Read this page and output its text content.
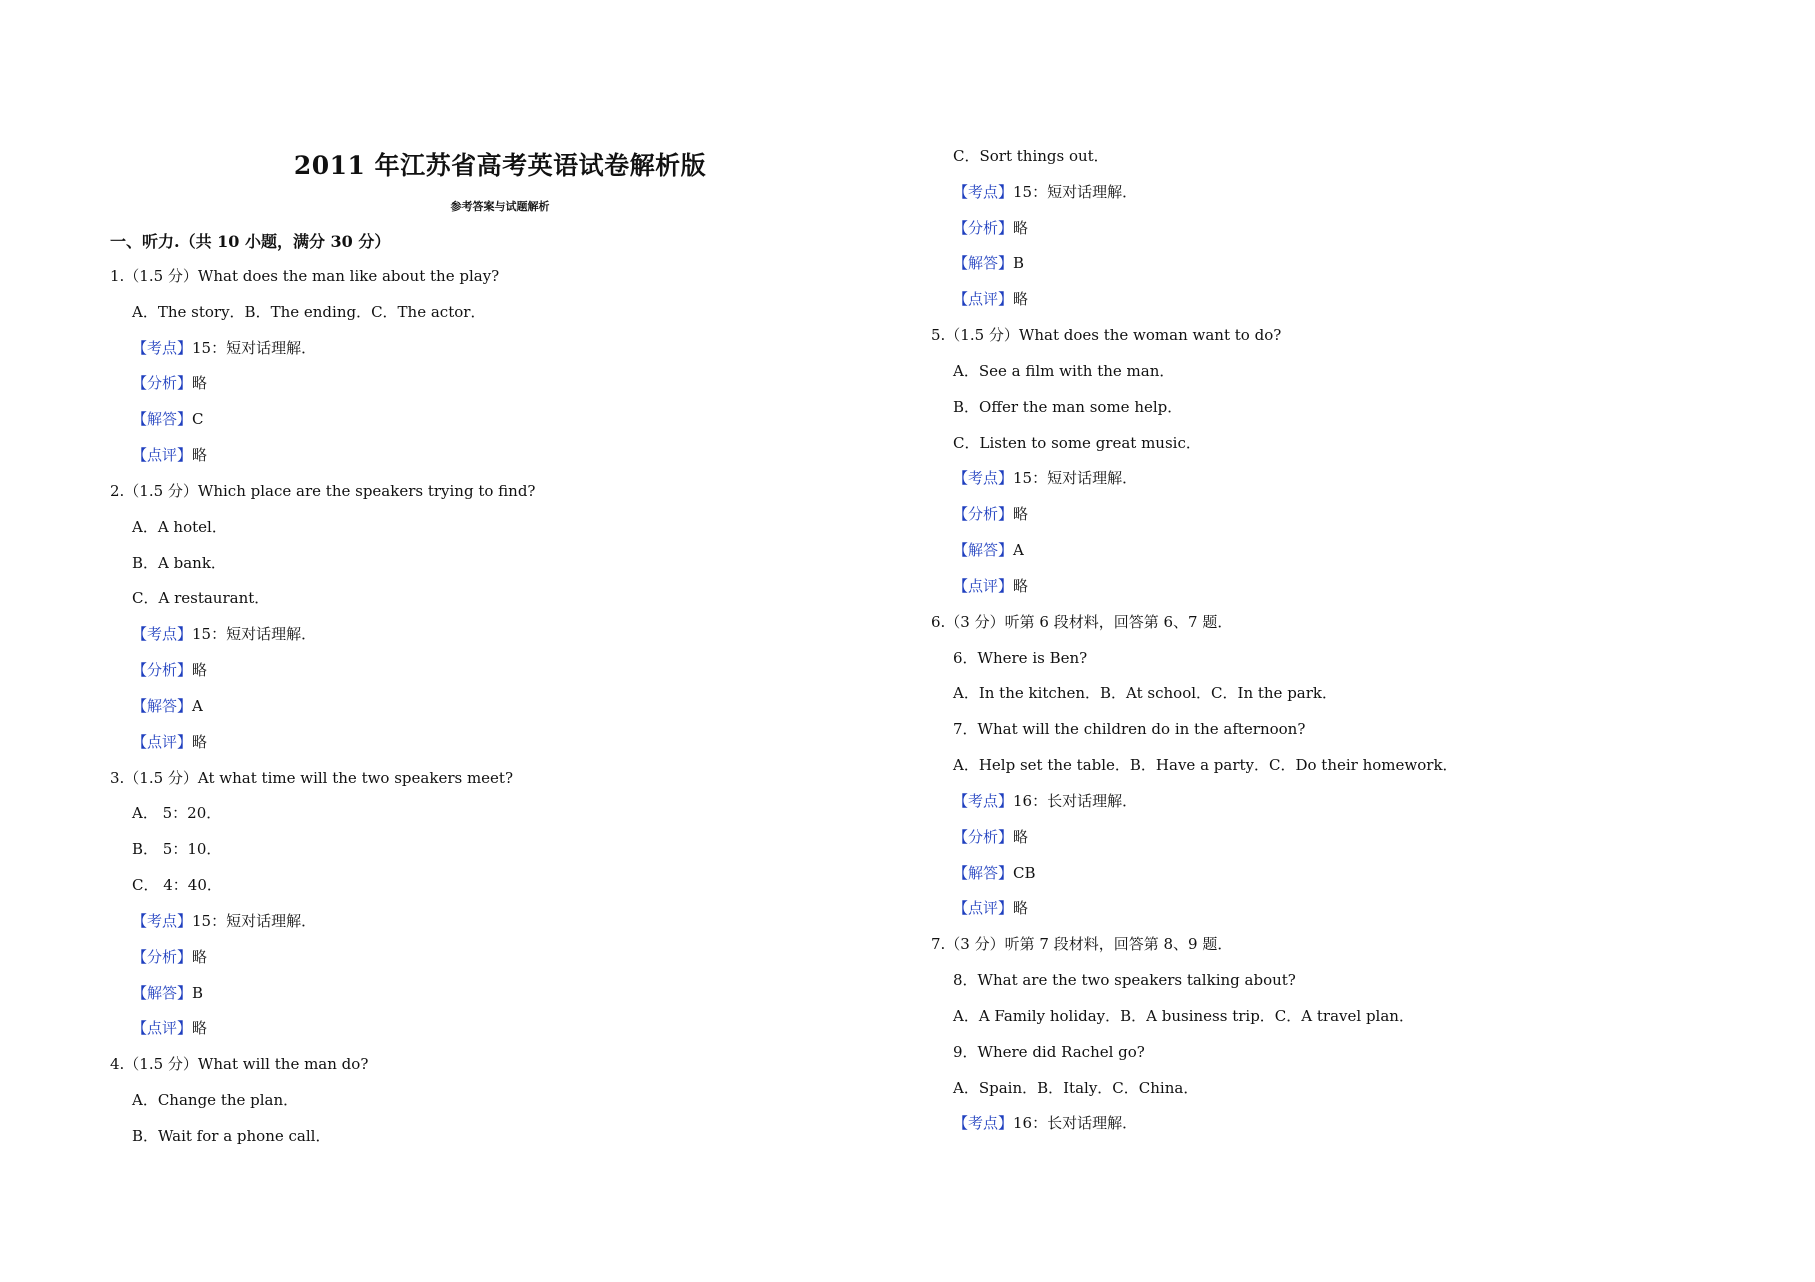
2011 年江苏省高考英语试卷解析版
参考答案与试题解析
一、听力.（共 10 小题，满分 30 分）
1.（1.5 分）What does the man like about the play?
A．The story．B．The ending．C．The actor．
【考点】15：短对话理解．
【分析】略
【解答】C
【点评】略
2.（1.5 分）Which place are the speakers trying to find?
A．A hotel．
B．A bank．
C．A restaurant．
【考点】15：短对话理解．
【分析】略
【解答】A
【点评】略
3.（1.5 分）At what time will the two speakers meet?
A． 5：20．
B． 5：10．
C． 4：40．
【考点】15：短对话理解．
【分析】略
【解答】B
【点评】略
4.（1.5 分）What will the man do?
A．Change the plan．
B．Wait for a phone call．
C．Sort things out．
【考点】15：短对话理解．
【分析】略
【解答】B
【点评】略
5.（1.5 分）What does the woman want to do?
A．See a film with the man．
B．Offer the man some help．
C．Listen to some great music．
【考点】15：短对话理解．
【分析】略
【解答】A
【点评】略
6.（3 分）听第 6 段材料，回答第 6、7 题．
6．Where is Ben?
A．In the kitchen．B．At school．C．In the park．
7．What will the children do in the afternoon?
A．Help set the table．B．Have a party．C．Do their homework．
【考点】16：长对话理解．
【分析】略
【解答】CB
【点评】略
7.（3 分）听第 7 段材料，回答第 8、9 题．
8．What are the two speakers talking about?
A．A Family holiday．B．A business trip．C．A travel plan．
9．Where did Rachel go?
A．Spain．B．Italy．C．China．
【考点】16：长对话理解．
